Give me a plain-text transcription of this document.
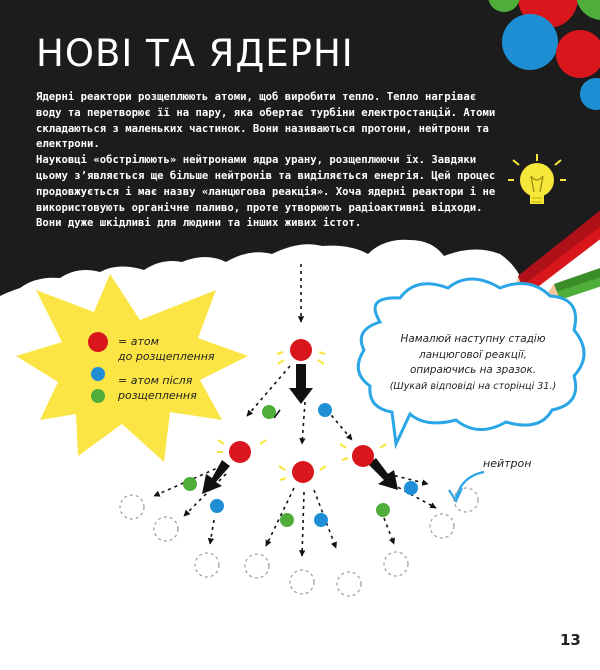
НОВІ ТА ЯДЕРНІ

Ядерні реактори розщеплюють атоми, щоб виробити тепло. Тепло нагріває воду та перетворює її на пару, яка обертає турбіни електростанцій. Атоми складаються з маленьких частинок. Вони називаються протони, нейтрони та електрони.

Науковці «обстрілюють» нейтронами ядра урану, розщеплюючи їх. Завдяки цьому з’являється ще більше нейтронів та виділяється енергія. Цей процес продовжується і має назву «ланцюгова реакція». Хоча ядерні реактори і не використовують органічне паливо, проте утворюють радіоактивні відходи. Вони дуже шкідливі для людини та інших живих істот.

= атом
до розщеплення
= атом після
розщеплення
Намалюй наступну стадію
ланцюгової реакції,
опираючись на зразок.
(Шукай відповіді на сторінці 31.)
нейтрон
13
